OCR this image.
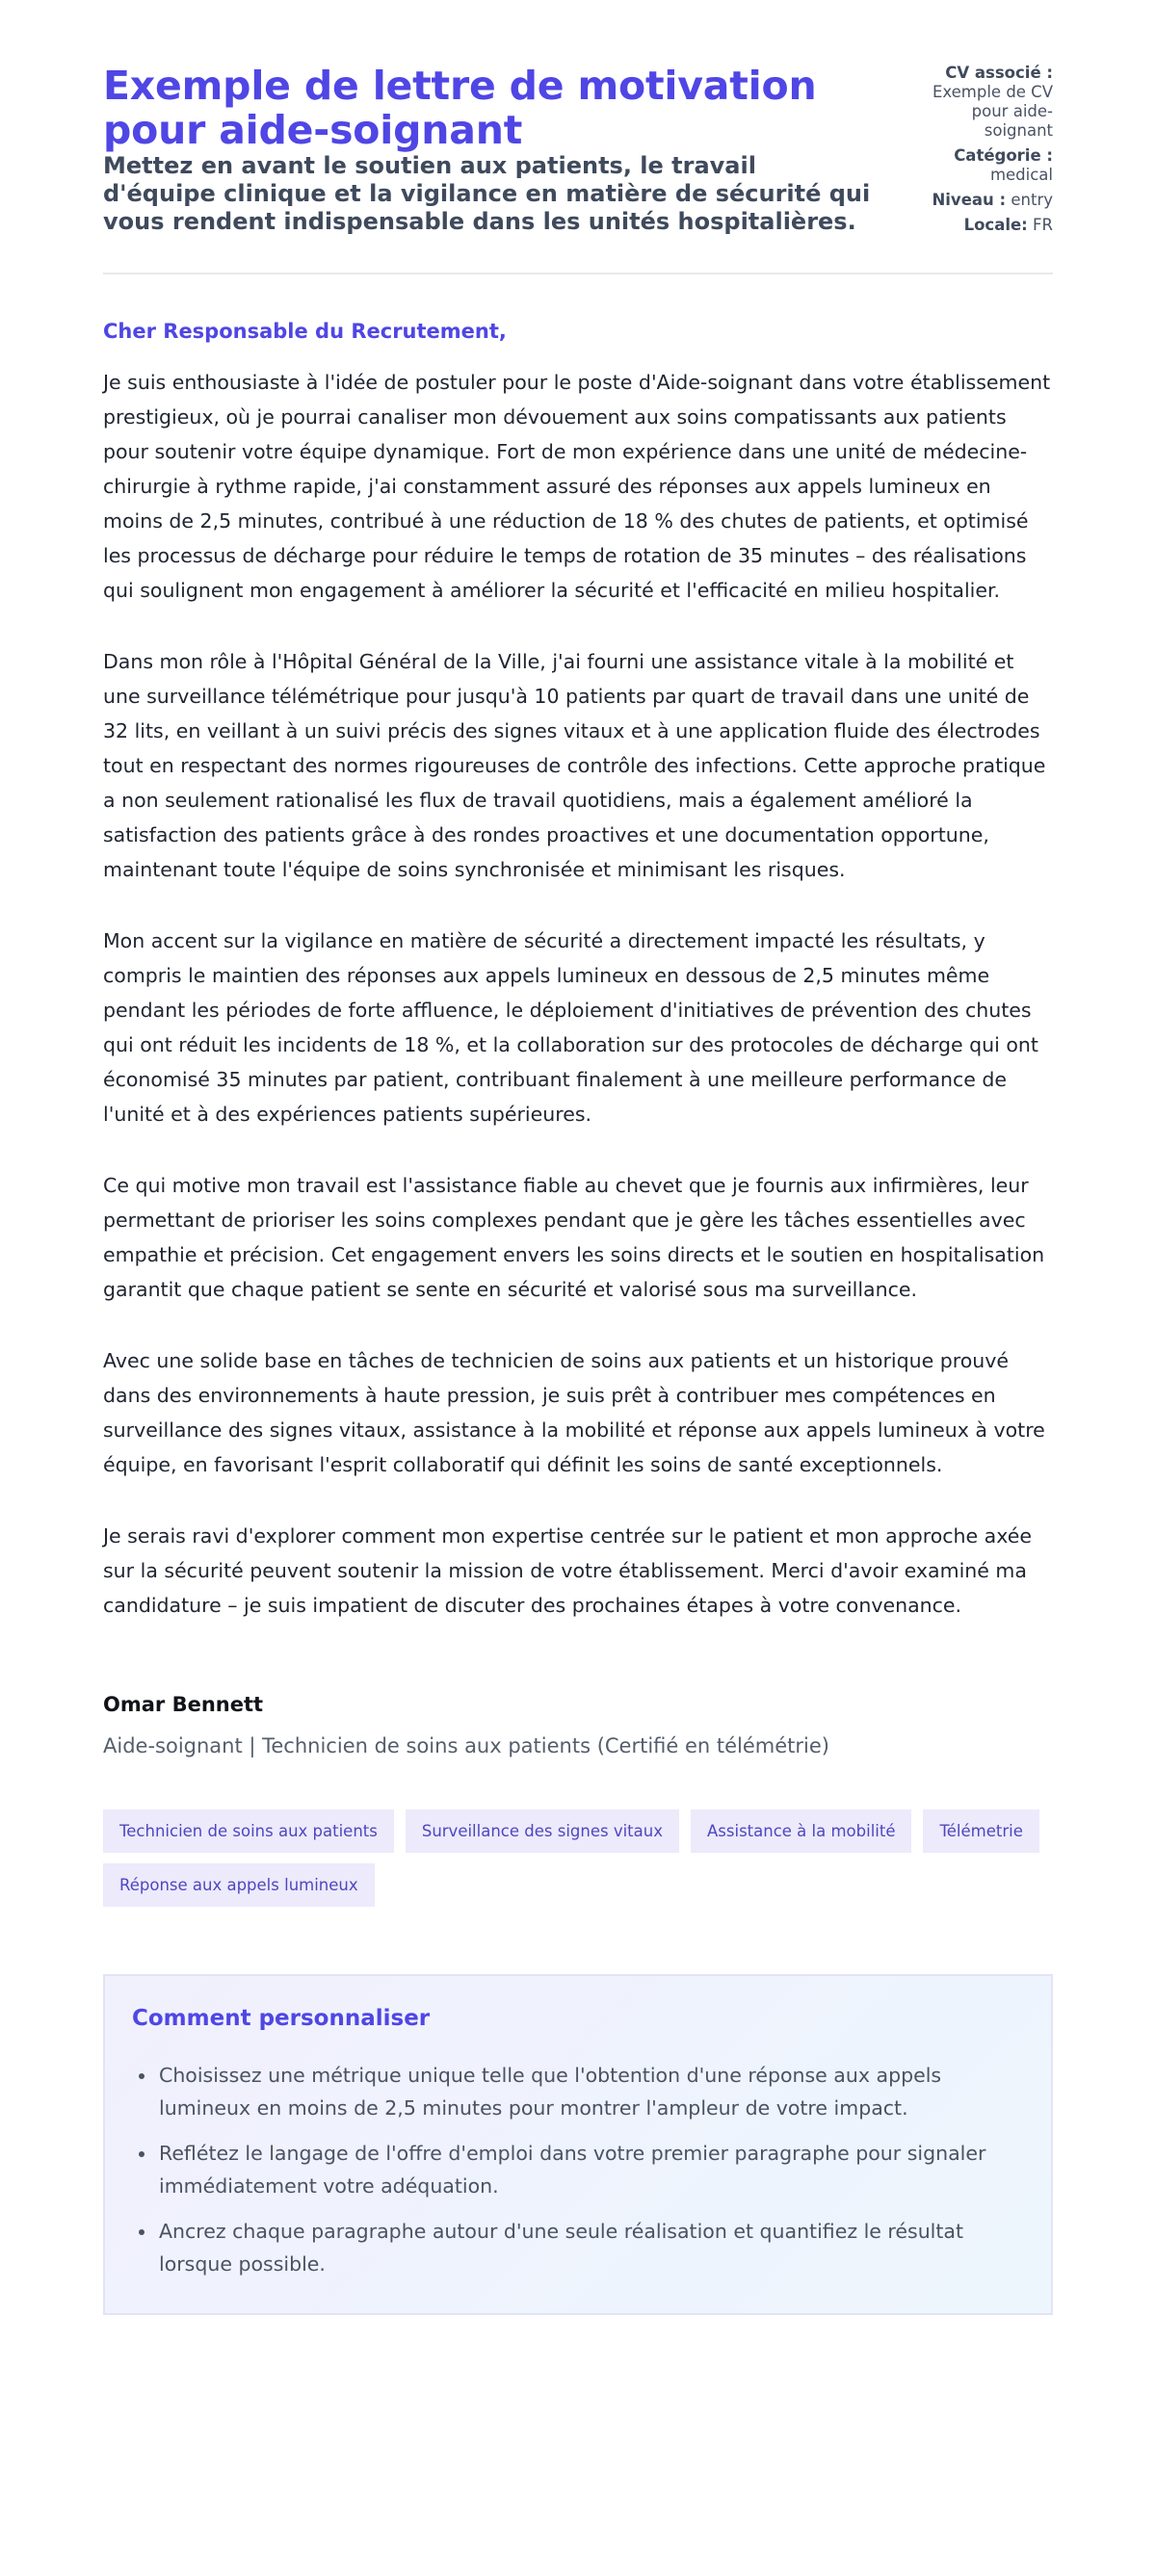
Exemple de lettre de motivation pour aide-soignant
Mettez en avant le soutien aux patients, le travail d'équipe clinique et la vigilance en matière de sécurité qui vous rendent indispensable dans les unités hospitalières.
CV associé : Exemple de CV pour aide-soignant
Catégorie : medical
Niveau : entry
Locale: FR

Cher Responsable du Recrutement,

Je suis enthousiaste à l'idée de postuler pour le poste d'Aide-soignant dans votre établissement prestigieux, où je pourrai canaliser mon dévouement aux soins compatissants aux patients pour soutenir votre équipe dynamique. Fort de mon expérience dans une unité de médecine-chirurgie à rythme rapide, j'ai constamment assuré des réponses aux appels lumineux en moins de 2,5 minutes, contribué à une réduction de 18 % des chutes de patients, et optimisé les processus de décharge pour réduire le temps de rotation de 35 minutes – des réalisations qui soulignent mon engagement à améliorer la sécurité et l'efficacité en milieu hospitalier.

Dans mon rôle à l'Hôpital Général de la Ville, j'ai fourni une assistance vitale à la mobilité et une surveillance télémétrique pour jusqu'à 10 patients par quart de travail dans une unité de 32 lits, en veillant à un suivi précis des signes vitaux et à une application fluide des électrodes tout en respectant des normes rigoureuses de contrôle des infections. Cette approche pratique a non seulement rationalisé les flux de travail quotidiens, mais a également amélioré la satisfaction des patients grâce à des rondes proactives et une documentation opportune, maintenant toute l'équipe de soins synchronisée et minimisant les risques.

Mon accent sur la vigilance en matière de sécurité a directement impacté les résultats, y compris le maintien des réponses aux appels lumineux en dessous de 2,5 minutes même pendant les périodes de forte affluence, le déploiement d'initiatives de prévention des chutes qui ont réduit les incidents de 18 %, et la collaboration sur des protocoles de décharge qui ont économisé 35 minutes par patient, contribuant finalement à une meilleure performance de l'unité et à des expériences patients supérieures.

Ce qui motive mon travail est l'assistance fiable au chevet que je fournis aux infirmières, leur permettant de prioriser les soins complexes pendant que je gère les tâches essentielles avec empathie et précision. Cet engagement envers les soins directs et le soutien en hospitalisation garantit que chaque patient se sente en sécurité et valorisé sous ma surveillance.

Avec une solide base en tâches de technicien de soins aux patients et un historique prouvé dans des environnements à haute pression, je suis prêt à contribuer mes compétences en surveillance des signes vitaux, assistance à la mobilité et réponse aux appels lumineux à votre équipe, en favorisant l'esprit collaboratif qui définit les soins de santé exceptionnels.

Je serais ravi d'explorer comment mon expertise centrée sur le patient et mon approche axée sur la sécurité peuvent soutenir la mission de votre établissement. Merci d'avoir examiné ma candidature – je suis impatient de discuter des prochaines étapes à votre convenance.

Omar Bennett
Aide-soignant | Technicien de soins aux patients (Certifié en télémétrie)
Technicien de soins aux patients	Surveillance des signes vitaux	Assistance à la mobilité	Télémetrie
Réponse aux appels lumineux
Comment personnaliser
• Choisissez une métrique unique telle que l'obtention d'une réponse aux appels lumineux en moins de 2,5 minutes pour montrer l'ampleur de votre impact.
• Reflétez le langage de l'offre d'emploi dans votre premier paragraphe pour signaler immédiatement votre adéquation.
• Ancrez chaque paragraphe autour d'une seule réalisation et quantifiez le résultat lorsque possible.
